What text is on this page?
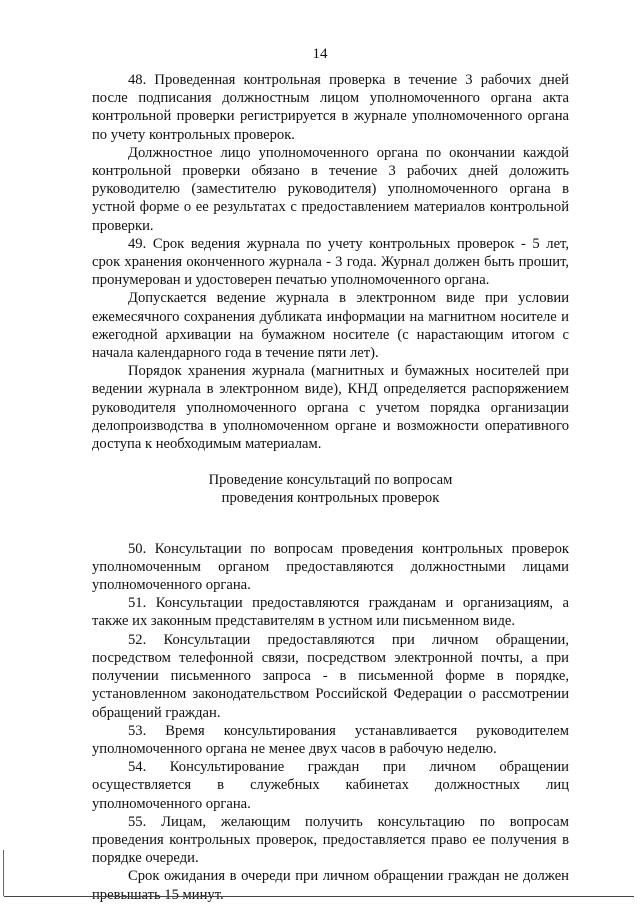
14

48. Проведенная контрольная проверка в течение 3 рабочих дней после подписания должностным лицом уполномоченного органа акта контрольной проверки регистрируется в журнале уполномоченного органа по учету контрольных проверок.

Должностное лицо уполномоченного органа по окончании каждой контрольной проверки обязано в течение 3 рабочих дней доложить руководителю (заместителю руководителя) уполномоченного органа в устной форме о ее результатах с предоставлением материалов контрольной проверки.

49. Срок ведения журнала по учету контрольных проверок - 5 лет, срок хранения оконченного журнала - 3 года. Журнал должен быть прошит, пронумерован и удостоверен печатью уполномоченного органа.

Допускается ведение журнала в электронном виде при условии ежемесячного сохранения дубликата информации на магнитном носителе и ежегодной архивации на бумажном носителе (с нарастающим итогом с начала календарного года в течение пяти лет).

Порядок хранения журнала (магнитных и бумажных носителей при ведении журнала в электронном виде), КНД определяется распоряжением руководителя уполномоченного органа с учетом порядка организации делопроизводства в уполномоченном органе и возможности оперативного доступа к необходимым материалам.

Проведение консультаций по вопросам
проведения контрольных проверок

50. Консультации по вопросам проведения контрольных проверок уполномоченным органом предоставляются должностными лицами уполномоченного органа.

51. Консультации предоставляются гражданам и организациям, а также их законным представителям в устном или письменном виде.

52. Консультации предоставляются при личном обращении, посредством телефонной связи, посредством электронной почты, а при получении письменного запроса - в письменной форме в порядке, установленном законодательством Российской Федерации о рассмотрении обращений граждан.

53. Время консультирования устанавливается руководителем уполномоченного органа не менее двух часов в рабочую неделю.

54. Консультирование граждан при личном обращении осуществляется в служебных кабинетах должностных лиц уполномоченного органа.

55. Лицам, желающим получить консультацию по вопросам проведения контрольных проверок, предоставляется право ее получения в порядке очереди.

Срок ожидания в очереди при личном обращении граждан не должен превышать 15 минут.
